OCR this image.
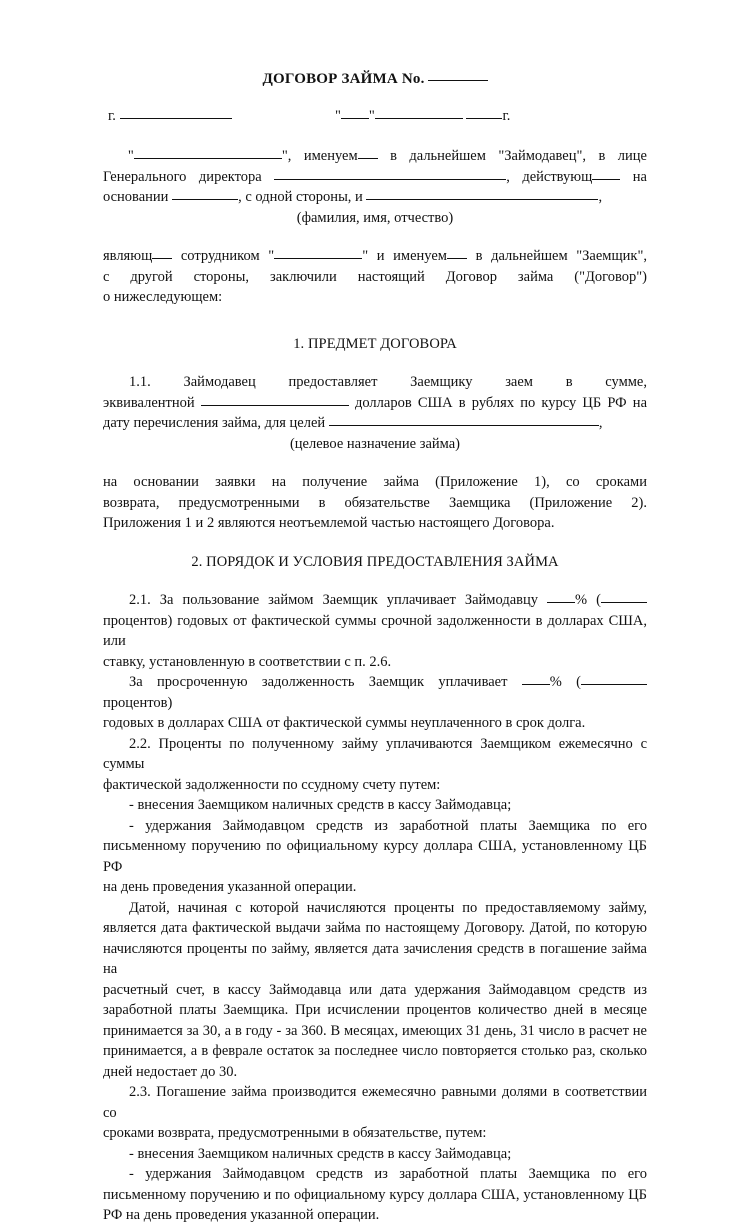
ДОГОВОР ЗАЙМА No.
г.	" "	г.
"	", именуем в дальнейшем "Займодавец", в лице
Генерального директора	, действующ	на
основании	, с одной стороны, и	,
(фамилия, имя, отчество)
являющ сотрудником "	" и именуем в дальнейшем "Заемщик",
с другой стороны, заключили настоящий Договор займа ("Договор")
о нижеследующем:
1. ПРЕДМЕТ ДОГОВОРА
1.1. Займодавец предоставляет Заемщику заем в сумме,
эквивалентной	долларов США в рублях по курсу ЦБ РФ на
дату перечисления займа, для целей	,
(целевое назначение займа)
на основании заявки на получение займа (Приложение 1), со сроками
возврата, предусмотренными в обязательстве Заемщика (Приложение 2).
Приложения 1 и 2 являются неотъемлемой частью настоящего Договора.
2. ПОРЯДОК И УСЛОВИЯ ПРЕДОСТАВЛЕНИЯ ЗАЙМА
2.1. За пользование займом Заемщик уплачивает Займодавцу	% (
процентов) годовых от фактической суммы срочной задолженности в долларах США, или
ставку, установленную в соответствии с п. 2.6.
За просроченную задолженность Заемщик уплачивает	% ( процентов)
годовых в долларах США от фактической суммы неуплаченного в срок долга.
2.2. Проценты по полученному займу уплачиваются Заемщиком ежемесячно с суммы
фактической задолженности по ссудному счету путем:
- внесения Заемщиком наличных средств в кассу Займодавца;
- удержания Займодавцом средств из заработной платы Заемщика по его
письменному поручению по официальному курсу доллара США, установленному ЦБ РФ
на день проведения указанной операции.
Датой, начиная с которой начисляются проценты по предоставляемому займу,
является дата фактической выдачи займа по настоящему Договору. Датой, по которую
начисляются проценты по займу, является дата зачисления средств в погашение займа на
расчетный счет, в кассу Займодавца или дата удержания Займодавцом средств из
заработной платы Заемщика. При исчислении процентов количество дней в месяце
принимается за 30, а в году - за 360. В месяцах, имеющих 31 день, 31 число в расчет не
принимается, а в феврале остаток за последнее число повторяется столько раз, сколько
дней недостает до 30.
2.3. Погашение займа производится ежемесячно равными долями в соответствии со
сроками возврата, предусмотренными в обязательстве, путем:
- внесения Заемщиком наличных средств в кассу Займодавца;
- удержания Займодавцом средств из заработной платы Заемщика по его
письменному поручению и по официальному курсу доллара США, установленному ЦБ
РФ на день проведения указанной операции.
